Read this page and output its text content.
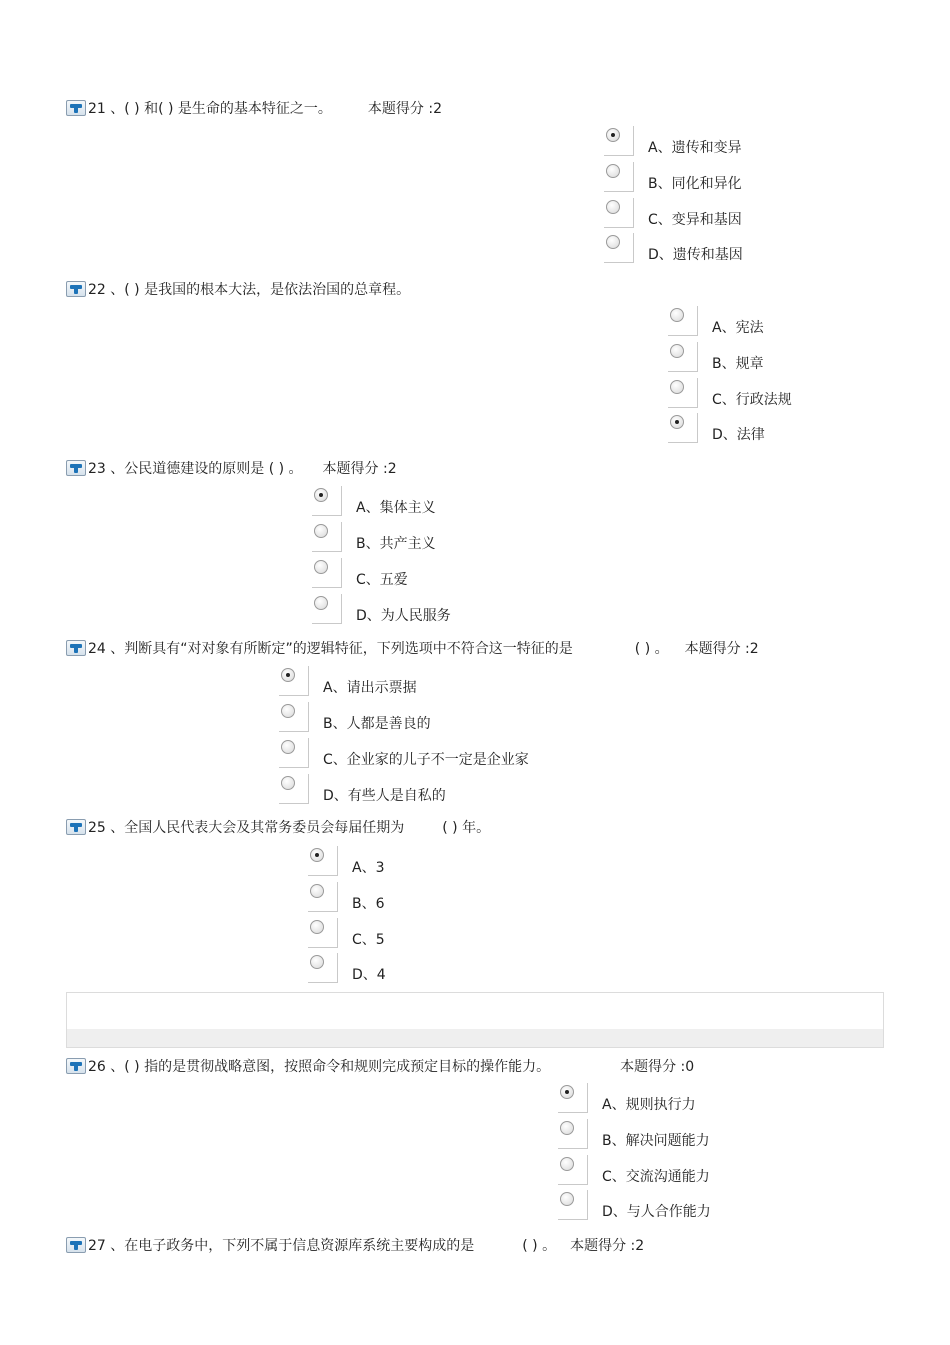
21 、( ) 和( ) 是生命的基本特征之一。	本题得分 :2
A、遗传和变异
B、同化和异化
C、变异和基因
D、遗传和基因
22 、( ) 是我国的根本大法，是依法治国的总章程。
A、宪法
B、规章
C、行政法规
D、法律
23 、公民道德建设的原则是 ( ) 。 本题得分 :2
A、集体主义
B、共产主义
C、五爱
D、为人民服务
24 、判断具有“对对象有所断定”的逻辑特征，下列选项中不符合这一特征的是	( ) 。 本题得分 :2
A、请出示票据
B、人都是善良的
C、企业家的儿子不一定是企业家
D、有些人是自私的
25 、全国人民代表大会及其常务委员会每届任期为	( ) 年。
A、3
B、6
C、5
D、4
26 、( ) 指的是贯彻战略意图，按照命令和规则完成预定目标的操作能力。	本题得分 :0
A、规则执行力
B、解决问题能力
C、交流沟通能力
D、与人合作能力
27 、在电子政务中，下列不属于信息资源库系统主要构成的是	( ) 。 本题得分 :2
